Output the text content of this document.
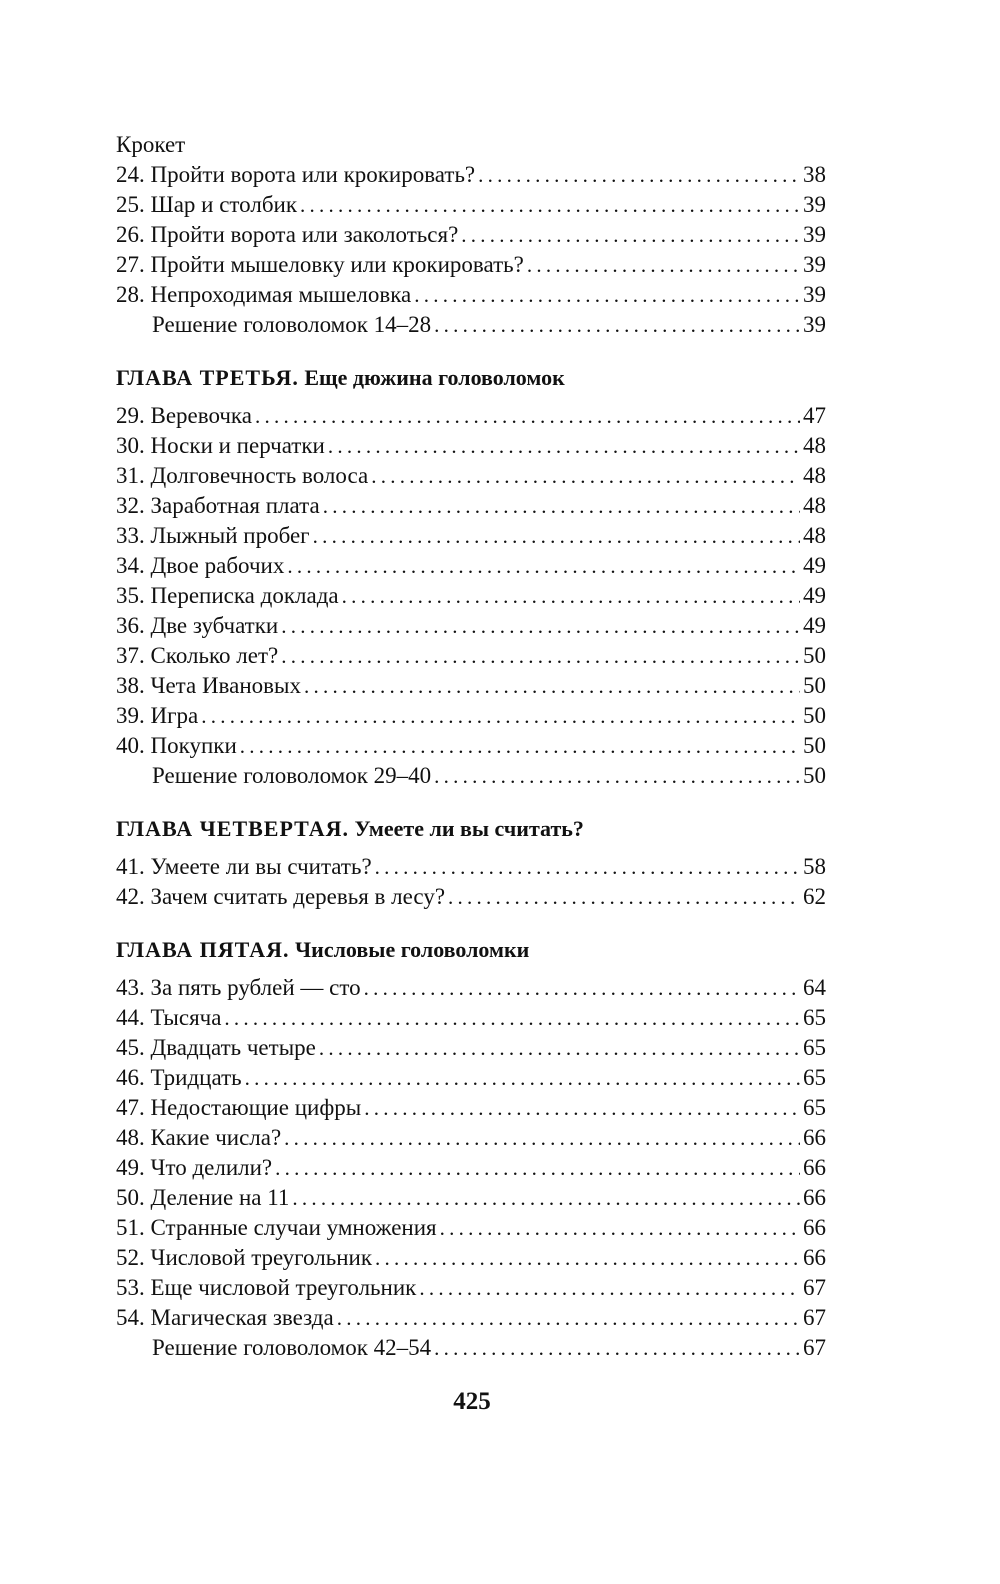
Крокет
24. Пройти ворота или крокировать? . . .	38
25. Шар и столбик . . .	39
26. Пройти ворота или заколоться? . . .	39
27. Пройти мышеловку или крокировать? . . .	39
28. Непроходимая мышеловка . . .	39
Решение головоломок 14–28 . . .	39
ГЛАВА ТРЕТЬЯ. Еще дюжина головоломок
29. Веревочка . . .	47
30. Носки и перчатки . . .	48
31. Долговечность волоса . . .	48
32. Заработная плата . . .	48
33. Лыжный пробег . . .	48
34. Двое рабочих . . .	49
35. Переписка доклада . . .	49
36. Две зубчатки . . .	49
37. Сколько лет? . . .	50
38. Чета Ивановых . . .	50
39. Игра . . .	50
40. Покупки . . .	50
Решение головоломок 29–40 . . .	50
ГЛАВА ЧЕТВЕРТАЯ. Умеете ли вы считать?
41. Умеете ли вы считать? . . .	58
42. Зачем считать деревья в лесу? . . .	62
ГЛАВА ПЯТАЯ. Числовые головоломки
43. За пять рублей — сто . . .	64
44. Тысяча . . .	65
45. Двадцать четыре . . .	65
46. Тридцать . . .	65
47. Недостающие цифры . . .	65
48. Какие числа? . . .	66
49. Что делили? . . .	66
50. Деление на 11 . . .	66
51. Странные случаи умножения . . .	66
52. Числовой треугольник . . .	66
53. Еще числовой треугольник . . .	67
54. Магическая звезда . . .	67
Решение головоломок 42–54 . . .	67
425
